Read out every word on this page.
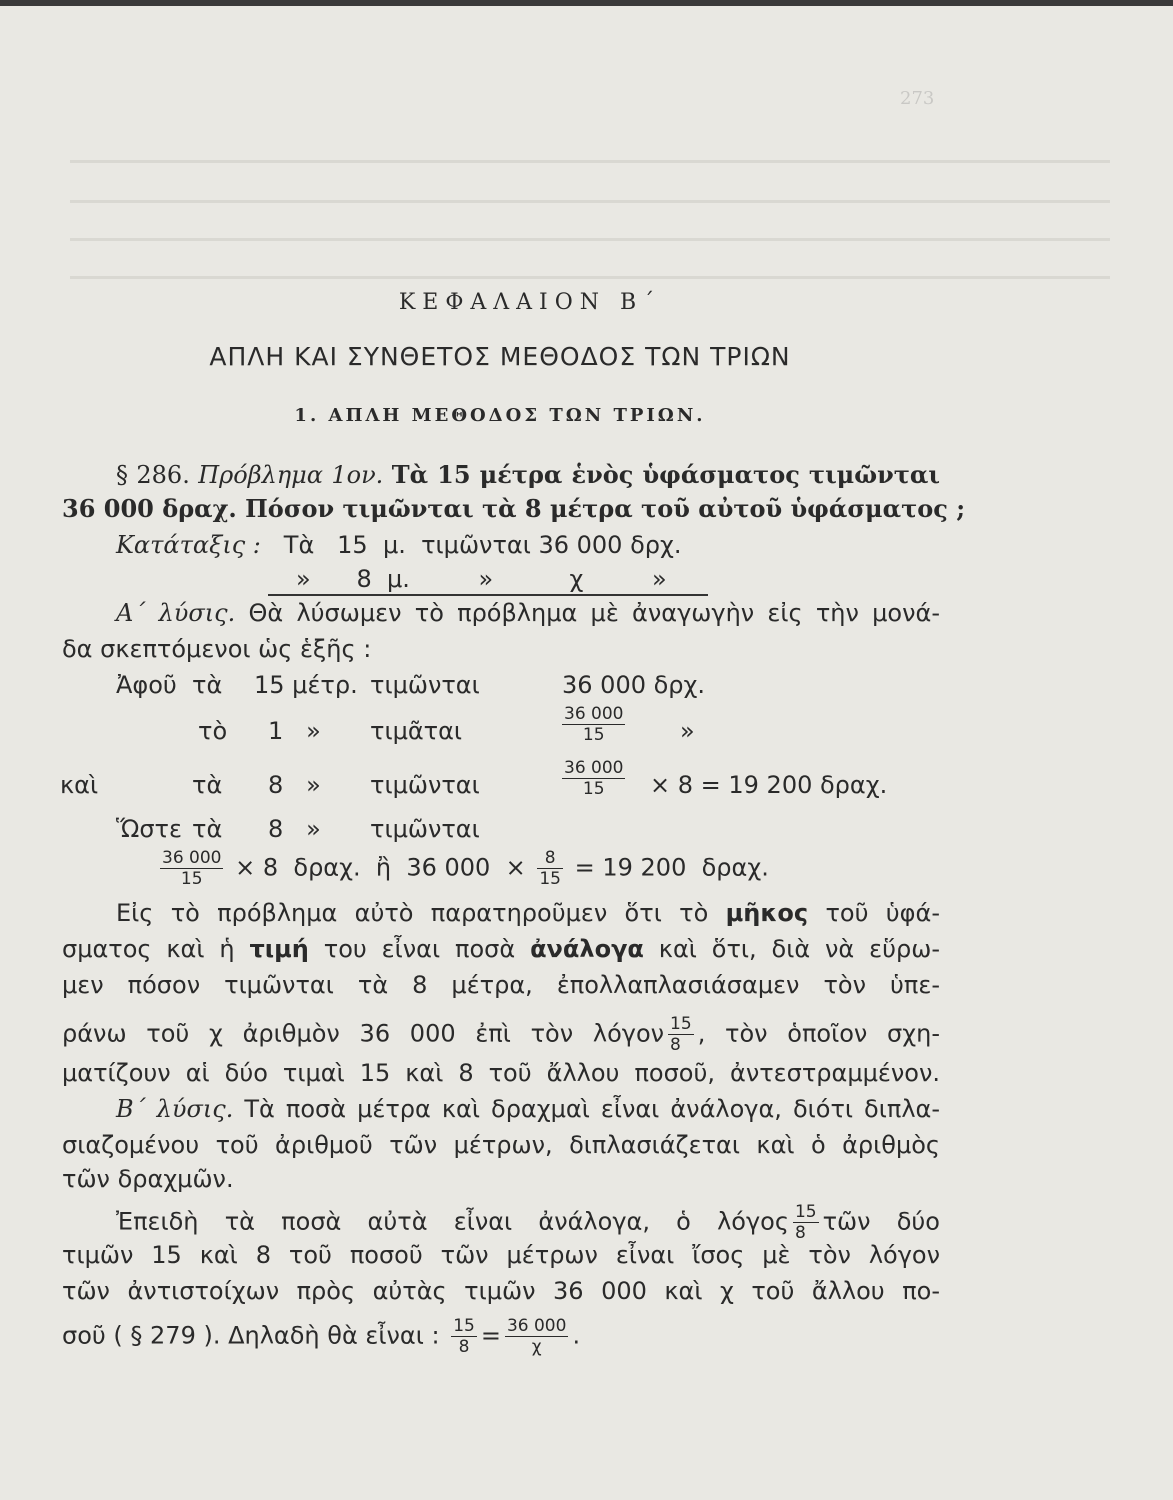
273
ΚΕΦΑΛΑΙΟΝ Β΄
ΑΠΛΗ ΚΑΙ ΣΥΝΘΕΤΟΣ ΜΕΘΟΔΟΣ ΤΩΝ ΤΡΙΩΝ
1. ΑΠΛΗ ΜΕΘΟΔΟΣ ΤΩΝ ΤΡΙΩΝ.
§ 286. Πρόβλημα 1ον. Τὰ 15 μέτρα ἑνὸς ὑφάσματος τιμῶνται
36 000 δραχ. Πόσον τιμῶνται τὰ 8 μέτρα τοῦ αὐτοῦ ὑφάσματος ;
Κατάταξις : Τὰ   15  μ.  τιμῶνται 36 000 δρχ.
»      8  μ.         »          χ         »
Α΄ λύσις. Θὰ λύσωμεν τὸ πρόβλημα μὲ ἀναγωγὴν εἰς τὴν μονά-
δα σκεπτόμενοι ὡς ἑξῆς :
Ἀφοῦ τὰ 15 μέτρ. τιμῶνται	36 000 δρχ.
τὸ 1   » τιμᾶται	$\frac{36 000}{15}$ »
καὶ	τὰ 8   » τιμῶνται	$\frac{36 000}{15} \times 8 = 19$ 200 δραχ.
Ὥστε τὰ 8   » τιμῶνται
$\frac{36 000}{15} \times 8$  δραχ.  ἢ  36 $000 \times \frac{8}{15} = 19$ 200  δραχ.
Εἰς τὸ πρόβλημα αὐτὸ παρατηροῦμεν ὅτι τὸ μῆκος τοῦ ὑφά-
σματος καὶ ἡ τιμή του εἶναι ποσὰ ἀνάλογα καὶ ὅτι, διὰ νὰ εὕρω-
μεν πόσον τιμῶνται τὰ 8 μέτρα, ἐπολλαπλασιάσαμεν τὸν ὑπε-
ράνω τοῦ χ ἀριθμὸν 36 000 ἐπὶ τὸν λόγον $\frac{15}{8}$ , τὸν ὁποῖον σχη-
ματίζουν αἱ δύο τιμαὶ 15 καὶ 8 τοῦ ἄλλου ποσοῦ, ἀντεστραμμένον.
Β΄ λύσις. Τὰ ποσὰ μέτρα καὶ δραχμαὶ εἶναι ἀνάλογα, διότι διπλα-
σιαζομένου τοῦ ἀριθμοῦ τῶν μέτρων, διπλασιάζεται καὶ ὁ ἀριθμὸς
τῶν δραχμῶν.
Ἐπειδὴ τὰ ποσὰ αὐτὰ εἶναι ἀνάλογα, ὁ λόγος $\frac{15}{8}$ τῶν δύο
τιμῶν 15 καὶ 8 τοῦ ποσοῦ τῶν μέτρων εἶναι ἴσος μὲ τὸν λόγον
τῶν ἀντιστοίχων πρὸς αὐτὰς τιμῶν 36 000 καὶ χ τοῦ ἄλλου πο-
σοῦ ( § 279 ). Δηλαδὴ θὰ εἶναι : $\frac{15}{8} = \frac{36 000}{\chi}$ .
